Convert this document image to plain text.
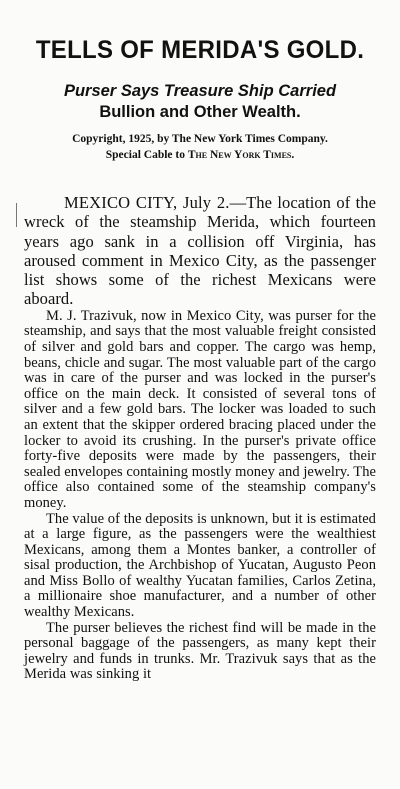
TELLS OF MERIDA'S GOLD.
Purser Says Treasure Ship Carried
Bullion and Other Wealth.
Copyright, 1925, by The New York Times Company.
Special Cable to The New York Times.

MEXICO CITY, July 2.—The location of the wreck of the steamship Merida, which fourteen years ago sank in a collision off Virginia, has aroused comment in Mexico City, as the passenger list shows some of the richest Mexicans were aboard.

M. J. Trazivuk, now in Mexico City, was purser for the steamship, and says that the most valuable freight consisted of silver and gold bars and copper. The cargo was hemp, beans, chicle and sugar. The most valuable part of the cargo was in care of the purser and was locked in the purser's office on the main deck. It consisted of several tons of silver and a few gold bars. The locker was loaded to such an extent that the skipper ordered bracing placed under the locker to avoid its crushing. In the purser's private office forty-five deposits were made by the passengers, their sealed envelopes containing mostly money and jewelry. The office also contained some of the steamship company's money.

The value of the deposits is unknown, but it is estimated at a large figure, as the passengers were the wealthiest Mexicans, among them a Montes banker, a controller of sisal production, the Archbishop of Yucatan, Augusto Peon and Miss Bollo of wealthy Yucatan families, Carlos Zetina, a millionaire shoe manufacturer, and a number of other wealthy Mexicans.

The purser believes the richest find will be made in the personal baggage of the passengers, as many kept their jewelry and funds in trunks. Mr. Trazivuk says that as the Merida was sinking it
